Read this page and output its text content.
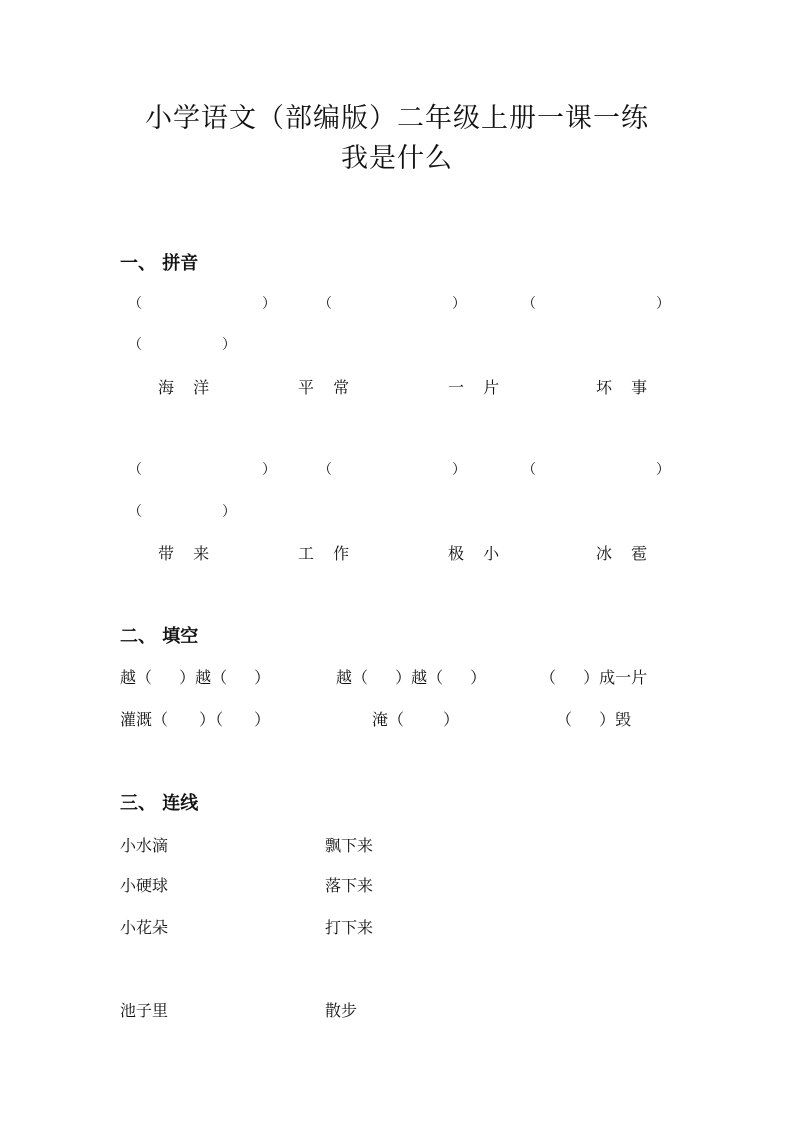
小学语文（部编版）二年级上册一课一练
我是什么
一、 拼音
（	）	（	）	（	）
（	）
海 洋	平 常	一 片	坏 事
（	）	（	）	（	）
（	）
带 来	工 作	极 小	冰 雹
二、 填空
越（ ）越（ ）	越（ ）越（ ）	（ ）成一片
灌溉（ ）（ ）	淹（ ）	（ ）毁
三、 连线
小水滴	飘下来
小硬球	落下来
小花朵	打下来
池子里	散步
